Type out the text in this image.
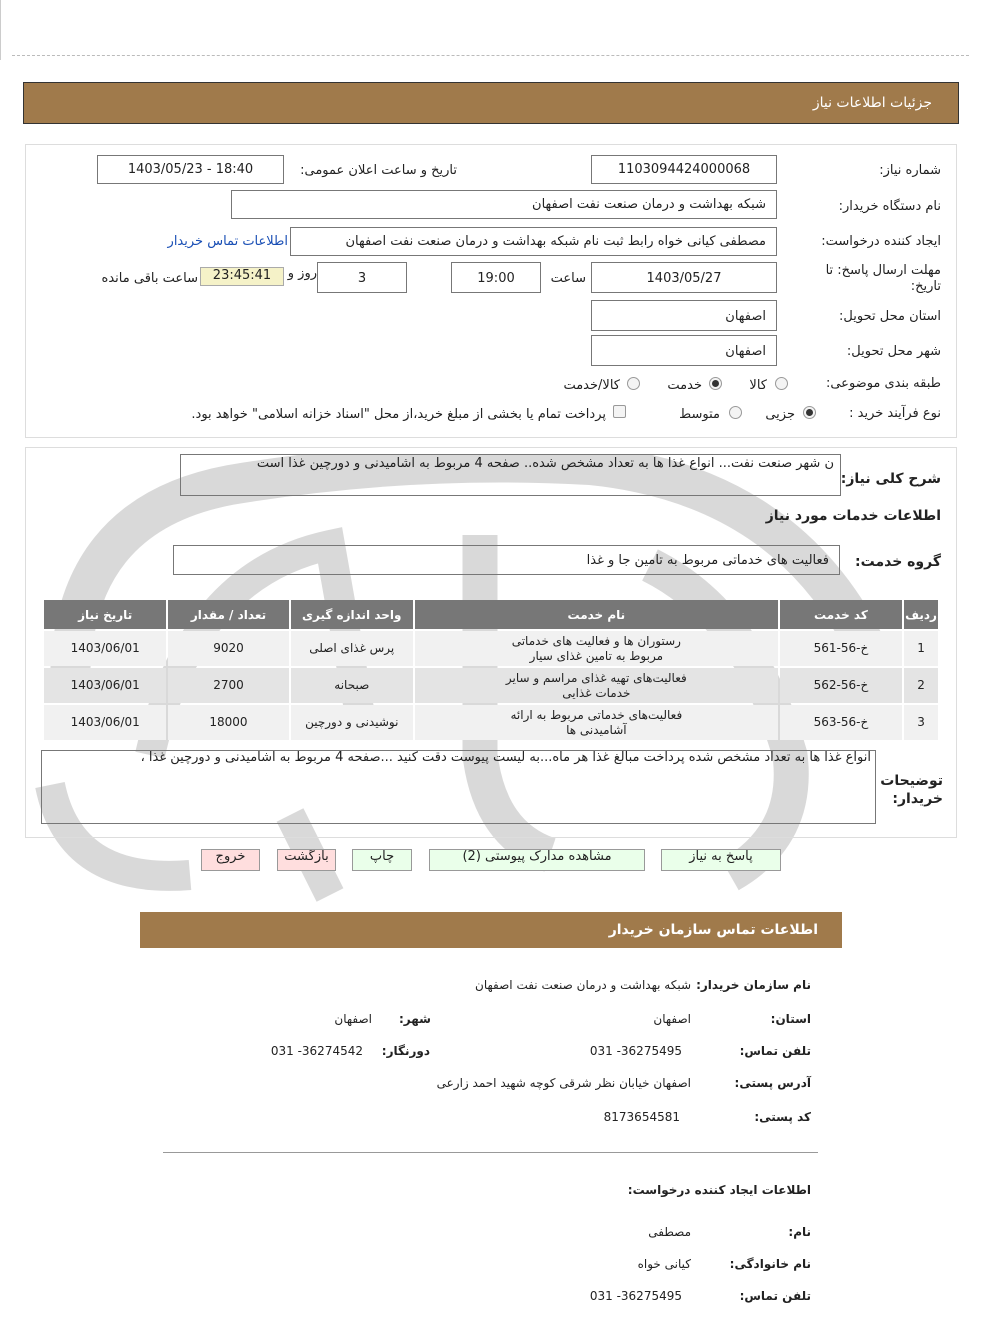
جزئیات اطلاعات نیاز
شماره نیاز:
1103094424000068
تاریخ و ساعت اعلان عمومی:
1403/05/23 - 18:40
نام دستگاه خریدار:
شبکه بهداشت و درمان صنعت نفت اصفهان
ایجاد کننده درخواست:
مصطفی کیانی خواه رابط ثبت نام شبکه بهداشت و درمان صنعت نفت اصفهان
اطلاعات تماس خریدار
مهلت ارسال پاسخ: تا تاریخ:
1403/05/27
ساعت
19:00
3
روز و
23:45:41
ساعت باقی مانده
استان محل تحویل:
اصفهان
شهر محل تحویل:
اصفهان
طبقه بندی موضوعی:
کالا
خدمت
کالا/خدمت
نوع فرآیند خرید :
جزیی
متوسط
پرداخت تمام یا بخشی از مبلغ خرید،از محل "اسناد خزانه اسلامی" خواهد بود.
شرح کلی نیاز:
ن شهر صنعت نفت... انواع غذا ها به تعداد مشخص شده.. صفحه 4 مربوط به اشامیدنی و دورچین غذا است
اطلاعات خدمات مورد نیاز
گروه خدمت:
فعالیت های خدماتی مربوط به تامین جا و غذا
ردیف	کد خدمت	نام خدمت	واحد اندازه گیری	تعداد / مقدار	تاریخ نیاز
1	خ-56-561	رستوران ها و فعالیت های خدماتی مربوط به تامین غذای سیار	پرس غذای اصلی	9020	1403/06/01
2	خ-56-562	فعالیت‌های تهیه غذای مراسم و سایر خدمات غذایی	صبحانه	2700	1403/06/01
3	خ-56-563	فعالیت‌های خدماتی مربوط به ارائه آشامیدنی ها	نوشیدنی و دورچین	18000	1403/06/01
توضیحات خریدار:
، انواع غذا ها به تعداد مشخص شده پرداخت مبالغ غذا هر ماه...به لیست پیوست دقت کنید ...صفحه 4 مربوط به اشامیدنی و دورچین غذا
پاسخ به نیاز
مشاهده مدارک پیوستی (2)
چاپ
بازگشت
خروج
اطلاعات تماس سازمان خریدار
نام سازمان خریدار:
شبکه بهداشت و درمان صنعت نفت اصفهان
استان:
اصفهان
شهر:
اصفهان
تلفن تماس:
031 -36275495
دورنگار:
031 -36274542
آدرس پستی:
اصفهان خیابان نظر شرقی کوچه شهید احمد زارعی
کد پستی:
8173654581
اطلاعات ایجاد کننده درخواست:
نام:
مصطفی
نام خانوادگی:
کیانی خواه
تلفن تماس:
031 -36275495
